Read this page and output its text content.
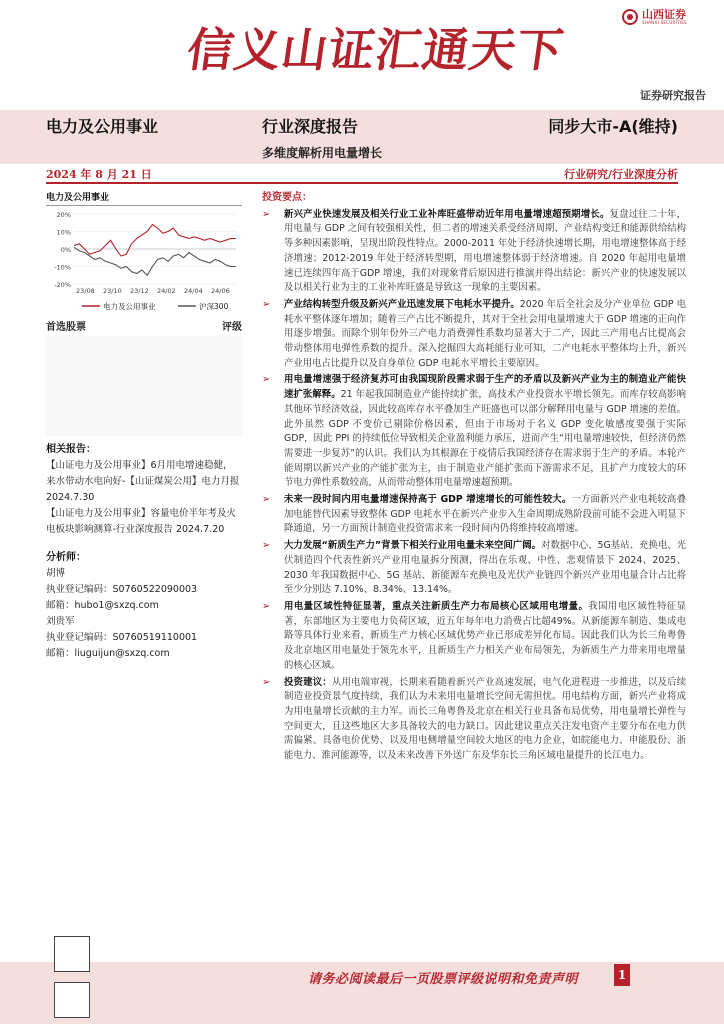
信义山证汇通天下
山西证券
SHANXI SECURITIES
证券研究报告
电力及公用事业	行业深度报告	同步大市-A(维持)
多维度解析用电量增长
2024 年 8 月 21 日	行业研究/行业深度分析
电力及公用事业
20%
10%
0%
-10%
-20%
23/08 23/10 23/12 24/02 24/04 24/06
电力及公用事业	沪深300
首选股票	评级
相关报告：
【山证电力及公用事业】6月用电增速稳健，来水带动水电向好-【山证煤炭公用】电力月报 2024.7.30
【山证电力及公用事业】容量电价半年考及火电板块影响测算-行业深度报告 2024.7.20
分析师：
胡博
执业登记编码：S0760522090003
邮箱：hubo1@sxzq.com
刘贵军
执业登记编码：S0760519110001
邮箱：liuguijun@sxzq.com
投资要点：
➢ 新兴产业快速发展及相关行业工业补库旺盛带动近年用电量增速超预期增长。复盘过往二十年，用电量与 GDP 之间有较强相关性，但二者的增速关系受经济周期、产业结构变迁和能源供给结构等多种因素影响，呈现出阶段性特点。2000-2011 年处于经济快速增长期，用电增速整体高于经济增速；2012-2019 年处于经济转型期，用电增速整体弱于经济增速。自 2020 年起用电量增速已连续四年高于GDP 增速，我们对现象背后原因进行推演并得出结论：新兴产业的快速发展以及以相关行业为主的工业补库旺盛是导致这一现象的主要因素。
➢ 产业结构转型升级及新兴产业迅速发展下电耗水平提升。2020 年后全社会及分产业单位 GDP 电耗水平整体逐年增加；随着三产占比不断提升，其对于全社会用电量增速大于 GDP 增速的正向作用逐步增强。而除个别年份外三产电力消费弹性系数均显著大于二产，因此三产用电占比提高会带动整体用电弹性系数的提升。深入挖掘四大高耗能行业可知，二产电耗水平整体均上升，新兴产业用电占比提升以及自身单位 GDP 电耗水平增长主要原因。
➢ 用电量增速强于经济复苏可由我国现阶段需求弱于生产的矛盾以及新兴产业为主的制造业产能快速扩张解释。21 年起我国制造业产能持续扩张，高技术产业投资水平增长领先。而库存较高影响其他环节经济效益，因此较高库存水平叠加生产旺盛也可以部分解释用电量与 GDP 增速的差值。此外虽然 GDP 不变价已剔除价格因素，但由于市场对于名义 GDP 变化敏感度要强于实际 GDP，因此 PPI 的持续低位导致相关企业盈利能力承压，进而产生“用电量增速较快，但经济仍然需要进一步复苏”的认识。我们认为其根源在于疫情后我国经济存在需求弱于生产的矛盾。本轮产能周期以新兴产业的产能扩张为主，由于制造业产能扩张而下游需求不足，且扩产力度较大的环节电力弹性系数较高，从而带动整体用电量增速超预期。
➢ 未来一段时间内用电量增速保持高于 GDP 增速增长的可能性较大。一方面新兴产业电耗较高叠加电能替代因素导致整体 GDP 电耗水平在新兴产业步入生命周期成熟阶段前可能不会进入明显下降通道，另一方面预计制造业投资需求来一段时间内仍将维持较高增速。
➢ 大力发展“新质生产力”背景下相关行业用电量未来空间广阔。对数据中心、5G基站、充换电、光伏制造四个代表性新兴产业用电量拆分预测，得出在乐观、中性、悲观情景下 2024、2025、2030 年我国数据中心、5G 基站、新能源车充换电及光伏产业链四个新兴产业用电量合计占比将至少分别达 7.10%、8.34%、13.14%。
➢ 用电量区域性特征显著，重点关注新质生产力布局核心区域用电增量。我国用电区域性特征显著，东部地区为主要电力负荷区域，近五年每年电力消费占比超49%。从新能源车制造、集成电路等具体行业来看，新质生产力核心区域优势产业已形成差异化布局。因此我们认为长三角粤鲁及北京地区用电量处于领先水平，且新质生产力相关产业布局领先，为新质生产力带来用电增量的核心区域。
➢ 投资建议：从用电端审视，长期来看随着新兴产业高速发展，电气化进程进一步推进，以及后续制造业投资景气度持续，我们认为未来用电量增长空间无需担忧。用电结构方面，新兴产业将成为用电量增长贡献的主力军。而长三角粤鲁及北京在相关行业具备布局优势，用电量增长弹性与空间更大，且这些地区大多具备较大的电力缺口。因此建议重点关注发电资产主要分布在电力供需偏紧、具备电价优势、以及用电侧增量空间较大地区的电力企业，如皖能电力、申能股份、浙能电力、淮河能源等，以及未来改善下外送广东及华东长三角区域电量提升的长江电力。
请务必阅读最后一页股票评级说明和免责声明	1
